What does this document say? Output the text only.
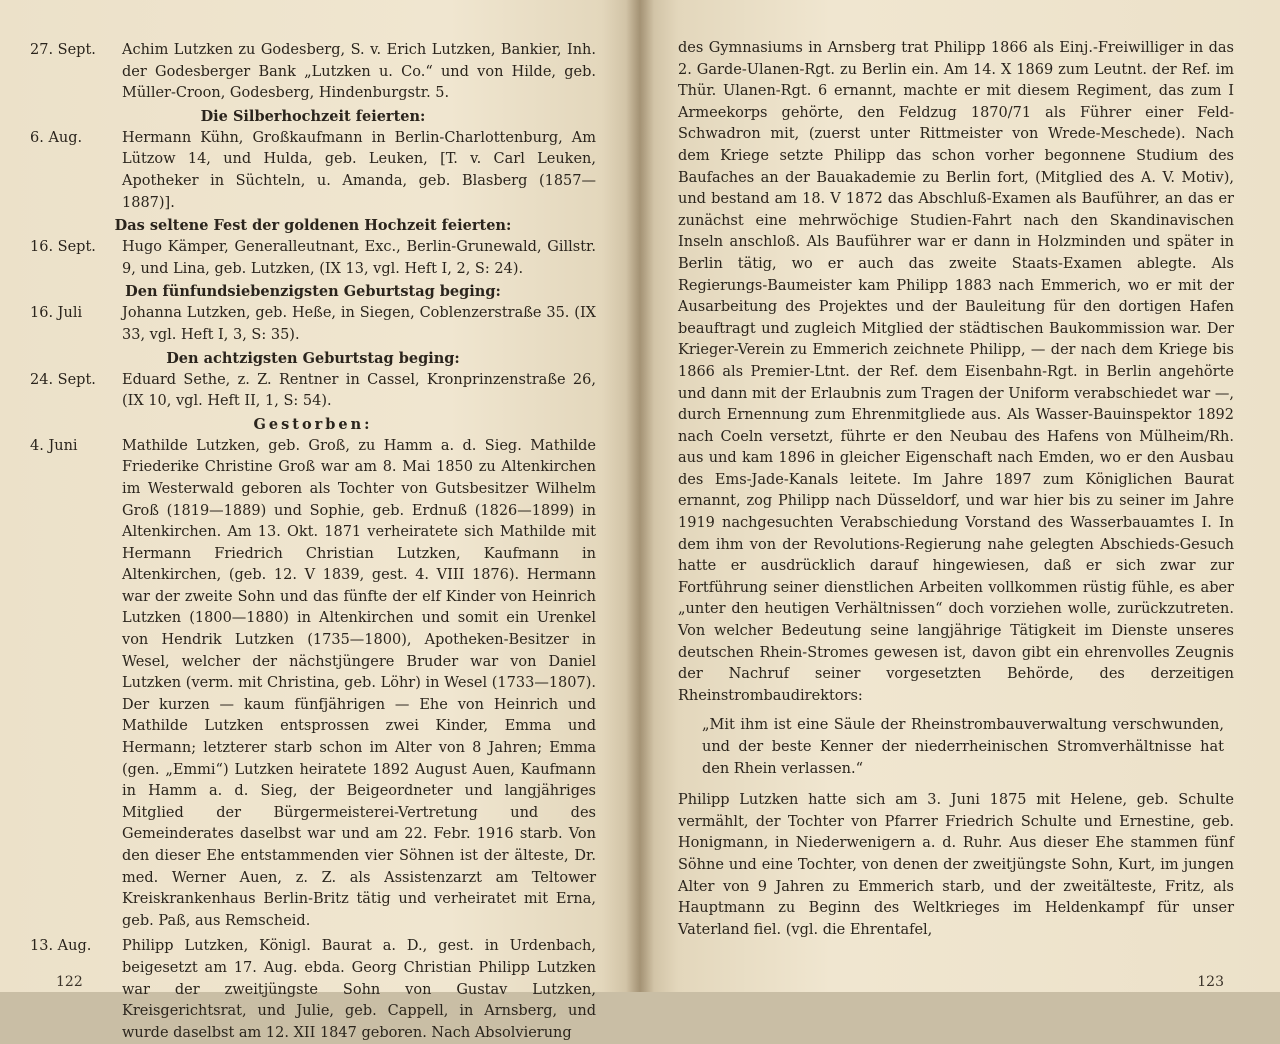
27. Sept.	Achim Lutzken zu Godesberg, S. v. Erich Lutzken, Bankier, Inh. der Godesberger Bank „Lutzken u. Co.“ und von Hilde, geb. Müller-Croon, Godesberg, Hindenburgstr. 5.
Die Silberhochzeit feierten:
6. Aug.	Hermann Kühn, Großkaufmann in Berlin-Charlottenburg, Am Lützow 14, und Hulda, geb. Leuken, [T. v. Carl Leuken, Apotheker in Süchteln, u. Amanda, geb. Blasberg (1857—1887)].
Das seltene Fest der goldenen Hochzeit feierten:
16. Sept.	Hugo Kämper, Generalleutnant, Exc., Berlin-Grunewald, Gillstr. 9, und Lina, geb. Lutzken, (IX 13, vgl. Heft I, 2, S: 24).
Den fünfundsiebenzigsten Geburtstag beging:
16. Juli	Johanna Lutzken, geb. Heße, in Siegen, Coblenzerstraße 35. (IX 33, vgl. Heft I, 3, S: 35).
Den achtzigsten Geburtstag beging:
24. Sept.	Eduard Sethe, z. Z. Rentner in Cassel, Kronprinzenstraße 26, (IX 10, vgl. Heft II, 1, S: 54).
Gestorben:
4. Juni	Mathilde Lutzken, geb. Groß, zu Hamm a. d. Sieg. Mathilde Friederike Christine Groß war am 8. Mai 1850 zu Altenkirchen im Westerwald geboren als Tochter von Gutsbesitzer Wilhelm Groß (1819—1889) und Sophie, geb. Erdnuß (1826—1899) in Altenkirchen. Am 13. Okt. 1871 verheiratete sich Mathilde mit Hermann Friedrich Christian Lutzken, Kaufmann in Altenkirchen, (geb. 12. V 1839, gest. 4. VIII 1876). Hermann war der zweite Sohn und das fünfte der elf Kinder von Heinrich Lutzken (1800—1880) in Altenkirchen und somit ein Urenkel von Hendrik Lutzken (1735—1800), Apotheken-Besitzer in Wesel, welcher der nächstjüngere Bruder war von Daniel Lutzken (verm. mit Christina, geb. Löhr) in Wesel (1733—1807). Der kurzen — kaum fünfjährigen — Ehe von Heinrich und Mathilde Lutzken entsprossen zwei Kinder, Emma und Hermann; letzterer starb schon im Alter von 8 Jahren; Emma (gen. „Emmi“) Lutzken heiratete 1892 August Auen, Kaufmann in Hamm a. d. Sieg, der Beigeordneter und langjähriges Mitglied der Bürgermeisterei-Vertretung und des Gemeinderates daselbst war und am 22. Febr. 1916 starb. Von den dieser Ehe entstammenden vier Söhnen ist der älteste, Dr. med. Werner Auen, z. Z. als Assistenzarzt am Teltower Kreiskrankenhaus Berlin-Britz tätig und verheiratet mit Erna, geb. Paß, aus Remscheid.
13. Aug.	Philipp Lutzken, Königl. Baurat a. D., gest. in Urdenbach, beigesetzt am 17. Aug. ebda. Georg Christian Philipp Lutzken war der zweitjüngste Sohn von Gustav Lutzken, Kreisgerichtsrat, und Julie, geb. Cappell, in Arnsberg, und wurde daselbst am 12. XII 1847 geboren. Nach Absolvierung
122

des Gymnasiums in Arnsberg trat Philipp 1866 als Einj.-Freiwilliger in das 2. Garde-Ulanen-Rgt. zu Berlin ein. Am 14. X 1869 zum Leutnt. der Ref. im Thür. Ulanen-Rgt. 6 ernannt, machte er mit diesem Regiment, das zum I Armeekorps gehörte, den Feldzug 1870/71 als Führer einer Feld-Schwadron mit, (zuerst unter Rittmeister von Wrede-Meschede). Nach dem Kriege setzte Philipp das schon vorher begonnene Studium des Baufaches an der Bauakademie zu Berlin fort, (Mitglied des A. V. Motiv), und bestand am 18. V 1872 das Abschluß-Examen als Bauführer, an das er zunächst eine mehrwöchige Studien-Fahrt nach den Skandinavischen Inseln anschloß. Als Bauführer war er dann in Holzminden und später in Berlin tätig, wo er auch das zweite Staats-Examen ablegte. Als Regierungs-Baumeister kam Philipp 1883 nach Emmerich, wo er mit der Ausarbeitung des Projektes und der Bauleitung für den dortigen Hafen beauftragt und zugleich Mitglied der städtischen Baukommission war. Der Krieger-Verein zu Emmerich zeichnete Philipp, — der nach dem Kriege bis 1866 als Premier-Ltnt. der Ref. dem Eisenbahn-Rgt. in Berlin angehörte und dann mit der Erlaubnis zum Tragen der Uniform verabschiedet war —, durch Ernennung zum Ehrenmitgliede aus. Als Wasser-Bauinspektor 1892 nach Coeln versetzt, führte er den Neubau des Hafens von Mülheim/Rh. aus und kam 1896 in gleicher Eigenschaft nach Emden, wo er den Ausbau des Ems-Jade-Kanals leitete. Im Jahre 1897 zum Königlichen Baurat ernannt, zog Philipp nach Düsseldorf, und war hier bis zu seiner im Jahre 1919 nachgesuchten Verabschiedung Vorstand des Wasserbauamtes I. In dem ihm von der Revolutions-Regierung nahe gelegten Abschieds-Gesuch hatte er ausdrücklich darauf hingewiesen, daß er sich zwar zur Fortführung seiner dienstlichen Arbeiten vollkommen rüstig fühle, es aber „unter den heutigen Verhältnissen“ doch vorziehen wolle, zurückzutreten. Von welcher Bedeutung seine langjährige Tätigkeit im Dienste unseres deutschen Rhein-Stromes gewesen ist, davon gibt ein ehrenvolles Zeugnis der Nachruf seiner vorgesetzten Behörde, des derzeitigen Rheinstrombaudirektors:

„Mit ihm ist eine Säule der Rheinstrombauverwaltung verschwunden, und der beste Kenner der niederrheinischen Stromverhältnisse hat den Rhein verlassen.“

Philipp Lutzken hatte sich am 3. Juni 1875 mit Helene, geb. Schulte vermählt, der Tochter von Pfarrer Friedrich Schulte und Ernestine, geb. Honigmann, in Niederwenigern a. d. Ruhr. Aus dieser Ehe stammen fünf Söhne und eine Tochter, von denen der zweitjüngste Sohn, Kurt, im jungen Alter von 9 Jahren zu Emmerich starb, und der zweitälteste, Fritz, als Hauptmann zu Beginn des Weltkrieges im Heldenkampf für unser Vaterland fiel. (vgl. die Ehrentafel,

123
